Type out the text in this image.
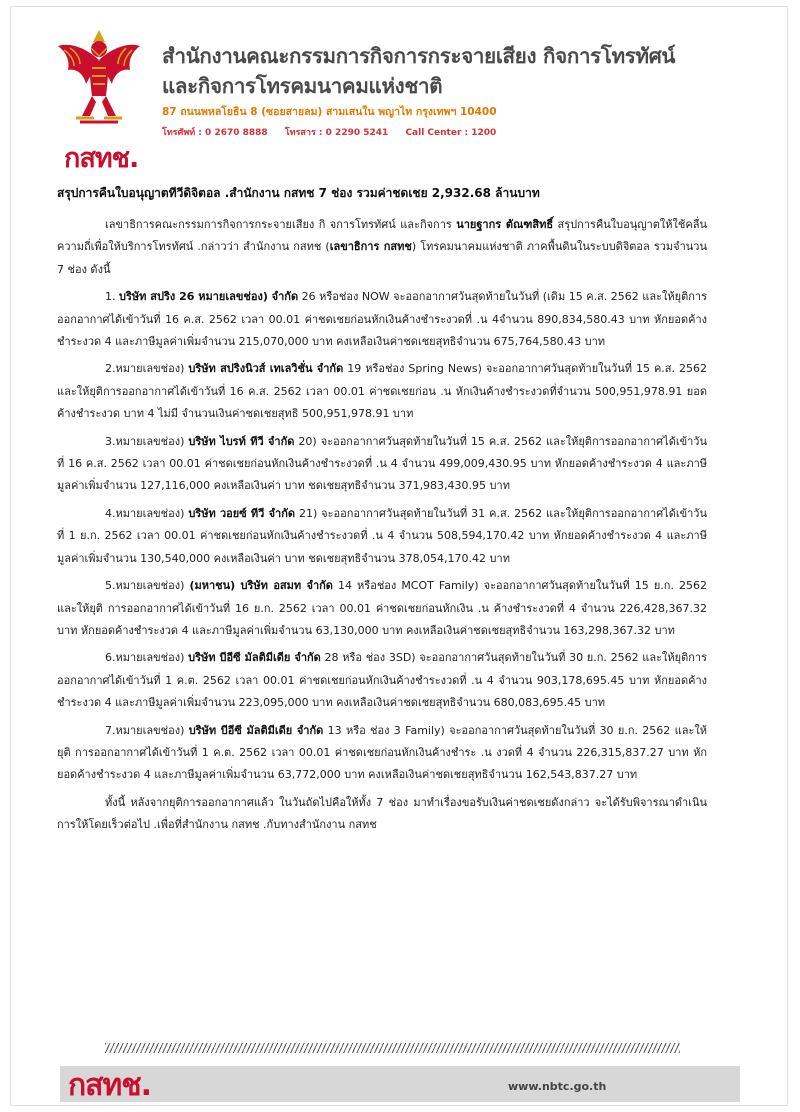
กสทช.
สำนักงานคณะกรรมการกิจการกระจายเสียง กิจการโทรทัศน์
และกิจการโทรคมนาคมแห่งชาติ
87 ถนนพหลโยธิน 8 (ซอยสายลม) สามเสนใน พญาไท กรุงเทพฯ 10400
โทรศัพท์ : 0 2670 8888 โทรสาร : 0 2290 5241 Call Center : 1200
สรุปการคืนใบอนุญาตทีวีดิจิตอล .สำนักงาน กสทช 7 ช่อง รวมค่าชดเชย 2,932.68 ล้านบาท

เลขาธิการคณะกรรมการกิจการกระจายเสียง กิ จการโทรทัศน์ และกิจการ นายฐากร ตัณฑสิทธิ์ สรุปการคืนใบอนุญาตให้ใช้คลื่นความถี่เพื่อให้บริการโทรทัศน์ .กล่าวว่า สำนักงาน กสทช (เลขาธิการ กสทช) โทรคมนาคมแห่งชาติ ภาคพื้นดินในระบบดิจิตอล รวมจำนวน 7 ช่อง ดังนี้

1. บริษัท สปริง 26 หมายเลขช่อง) จำกัด 26 หรือช่อง NOW จะออกอากาศวันสุดท้ายในวันที่ (เดิม 15 ค.ส. 2562 และให้ยุติการออกอากาศได้เข้าวันที่ 16 ค.ส. 2562 เวลา 00.01 ค่าชดเชยก่อนหักเงินค้างชำระงวดที่ .น 4จำนวน 890,834,580.43 บาท หักยอดค้างชำระงวด 4 และภาษีมูลค่าเพิ่มจำนวน 215,070,000 บาท คงเหลือเงินค่าชดเชยสุทธิจำนวน 675,764,580.43 บาท

2.หมายเลขช่อง) บริษัท สปริงนิวส์ เทเลวิชั่น จำกัด 19 หรือช่อง Spring News) จะออกอากาศวันสุดท้ายในวันที่ 15 ค.ส. 2562 และให้ยุติการออกอากาศได้เข้าวันที่ 16 ค.ส. 2562 เวลา 00.01 ค่าชดเชยก่อน .น หักเงินค้างชำระงวดที่จำนวน 500,951,978.91 ยอดค้างชำระงวด บาท 4 ไม่มี จำนวนเงินค่าชดเชยสุทธิ 500,951,978.91 บาท

3.หมายเลขช่อง) บริษัท ไบรท์ ทีวี จำกัด 20) จะออกอากาศวันสุดท้ายในวันที่ 15 ค.ส. 2562 และให้ยุติการออกอากาศได้เข้าวันที่ 16 ค.ส. 2562 เวลา 00.01 ค่าชดเชยก่อนหักเงินค้างชำระงวดที่ .น 4 จำนวน 499,009,430.95 บาท หักยอดค้างชำระงวด 4 และภาษีมูลค่าเพิ่มจำนวน 127,116,000 คงเหลือเงินค่า บาท ชดเชยสุทธิจำนวน 371,983,430.95 บาท

4.หมายเลขช่อง) บริษัท วอยซ์ ทีวี จำกัด 21) จะออกอากาศวันสุดท้ายในวันที่ 31 ค.ส. 2562 และให้ยุติการออกอากาศได้เข้าวันที่ 1 ย.ก. 2562 เวลา 00.01 ค่าชดเชยก่อนหักเงินค้างชำระงวดที่ .น 4 จำนวน 508,594,170.42 บาท หักยอดค้างชำระงวด 4 และภาษีมูลค่าเพิ่มจำนวน 130,540,000 คงเหลือเงินค่า บาท ชดเชยสุทธิจำนวน 378,054,170.42 บาท

5.หมายเลขช่อง) (มหาชน) บริษัท อสมท จำกัด 14 หรือช่อง MCOT Family) จะออกอากาศวันสุดท้ายในวันที่ 15 ย.ก. 2562 และให้ยุติ การออกอากาศได้เข้าวันที่ 16 ย.ก. 2562 เวลา 00.01 ค่าชดเชยก่อนหักเงิน .น ค้างชำระงวดที่ 4 จำนวน 226,428,367.32 บาท หักยอดค้างชำระงวด 4 และภาษีมูลค่าเพิ่มจำนวน 63,130,000 บาท คงเหลือเงินค่าชดเชยสุทธิจำนวน 163,298,367.32 บาท

6.หมายเลขช่อง) บริษัท บีอีซี มัลติมีเดีย จำกัด 28 หรือ ช่อง 3SD) จะออกอากาศวันสุดท้ายในวันที่ 30 ย.ก. 2562 และให้ยุติการออกอากาศได้เข้าวันที่ 1 ค.ต. 2562 เวลา 00.01 ค่าชดเชยก่อนหักเงินค้างชำระงวดที่ .น 4 จำนวน 903,178,695.45 บาท หักยอดค้างชำระงวด 4 และภาษีมูลค่าเพิ่มจำนวน 223,095,000 บาท คงเหลือเงินค่าชดเชยสุทธิจำนวน 680,083,695.45 บาท

7.หมายเลขช่อง) บริษัท บีอีซี มัลติมีเดีย จำกัด 13 หรือ ช่อง 3 Family) จะออกอากาศวันสุดท้ายในวันที่ 30 ย.ก. 2562 และให้ยุติ การออกอากาศได้เข้าวันที่ 1 ค.ต. 2562 เวลา 00.01 ค่าชดเชยก่อนหักเงินค้างชำระ .น งวดที่ 4 จำนวน 226,315,837.27 บาท หักยอดค้างชำระงวด 4 และภาษีมูลค่าเพิ่มจำนวน 63,772,000 บาท คงเหลือเงินค่าชดเชยสุทธิจำนวน 162,543,837.27 บาท

ทั้งนี้ หลังจากยุติการออกอากาศแล้ว ในวันถัดไปคือให้ทั้ง 7 ช่อง มาทำเรื่องขอรับเงินค่าชดเชยดังกล่าว จะได้รับพิจารณาดำเนินการให้โดยเร็วต่อไป .เพื่อที่สำนักงาน กสทช .กับทางสำนักงาน กสทช

กสทช.	www.nbtc.go.th
